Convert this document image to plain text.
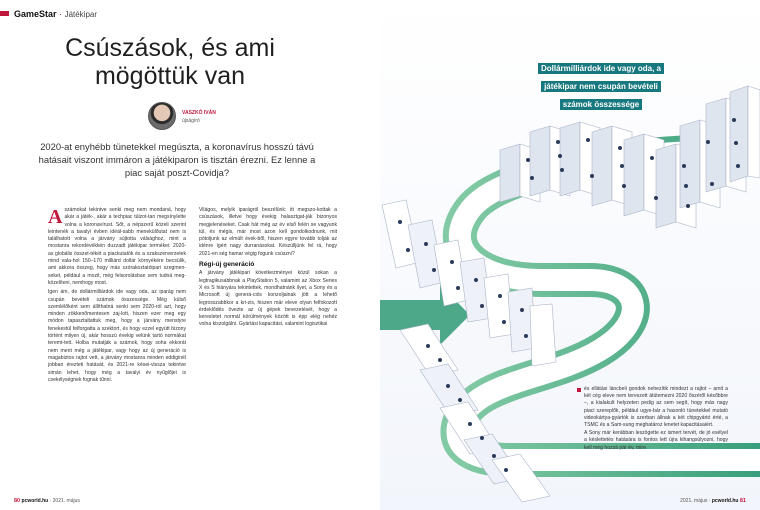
GameStar · Játékipar
Csúszások, és ami
mögöttük van
VASZKÓ IVÁN
újságíró
2020-at enyhébb tünetekkel megúszta, a koronavírus hosszú távú hatásait viszont immáron a játékiparon is tisztán érezni. Ez lenne a piac saját poszt-Covidja?

Aszámokat tekintve senki meg nem mondaná, hogy akár a játék-, akár a techpiac túlzot-tan megsínylette volna a koronavírust. Sőt, a népszerű közeli szerint leintenék a tavalyi évben idéál-sabb menekülőutat nem is találhatott volna a járvány sújtotta válsághoz, mint a mostanra rekordévékkén duzzadt játékipar termékei: 2020-as globális összet-tékét a piackutatók és a szakszerverzetek mind vala-hol 150–170 milliárd dollár környékére becsülik, ami akkora összeg, hogy más szórakoztatóipari szegmen-seket, például a mozit, még felsorolásban sem tudná meg-közelíteni, nemhogy most.

Igen ám, de dollármilliárdok ide vagy oda, az iparág nem csupán bevételi számok összessége. Még külső szemlélőként sem állíthatná senki sem 2020-ról azt, hogy minden zökkenőmentesen zaj-lott, hiszen ezer meg egy módon tapasztaltattuk meg, hogy a járvány menstyre fenekestül felforgatta a szektort, és hogy ezzel együtt bizony történt milyen új, akár hosszú évekig velünk tartó normákat teremt-tett. Holba mutatják a számok, hogy soha ekkorát nem ment még a játékipar, vagy hogy az új generáció is magabiztos rajtot vett, a járvány mostanra minden eddiginél jobban érezteti hatását, és 2021-re kései-vissza tekintve simán lehet, hogy még a tavalyi év nyűglőjei is csekélységnek fognak tűnni.

Világos, melyik iparágról beszélünk: itt megszo-kottak a csúszások, illetve hogy évekig halasztgat-ják bizonyos megjelenéseket. Csak hát még az év első felén se vagyunk túl, és mégis, már most azon kell gondolkodnunk, mit pótoljunk az elmúlt évek-ből, hiszen egyre tovább tolják az idénre ígért nagy durranásokat. Készülljünk fel rá, hogy 2021-en ség hamar végig fogunk csúszni?

Régi-új generáció

A járvány játékipari következményei közül sokan a legtragikusabbnak a PlayStation 5, valamint az Xbox Series X és S hiányára tekintettek, mondhatnánk ilyet, a Sony és a Microsoft új generá-ciós konzoljainak jött a lehető legrosszabbkor a kri-zis, hiszen már eleve olyan felfokozott érdeklődés övezte az új gépek bevezetését, hogy a keresletet normál körülmények között is épp elég nehéz volna kiszolgálni. Gyártási kapacitási, valamint logisztikai

80 pcworld.hu · 2021. május
Dollármilliárdok ide vagy oda, a játékipar nem csupán bevételi számok összessége

és ellátási láncbeli gondok nehezítik mindezt a rajtot – amit a két cég eleve nem tervezett átütemezni 2020 őszéről későbbre –, a kialakult helyzeten pedig az sem segít, hogy más nagy piaci szereplők, például ugye-bár a hasonló tünetekkel mutató videokártya-gyártók is szerban állnak a két chipgyártó érté, a TSMC és a Sam-sung meghatároz lenetet kapacitásaiért.

A Sony már kerábban leszögette ez ismert tervét, de jó esélyel a késlettetés hatására is fontos lett újra kihangsúlyozni, hogy kell még hozzá pár év, mire

2021. május · pcworld.hu 81
